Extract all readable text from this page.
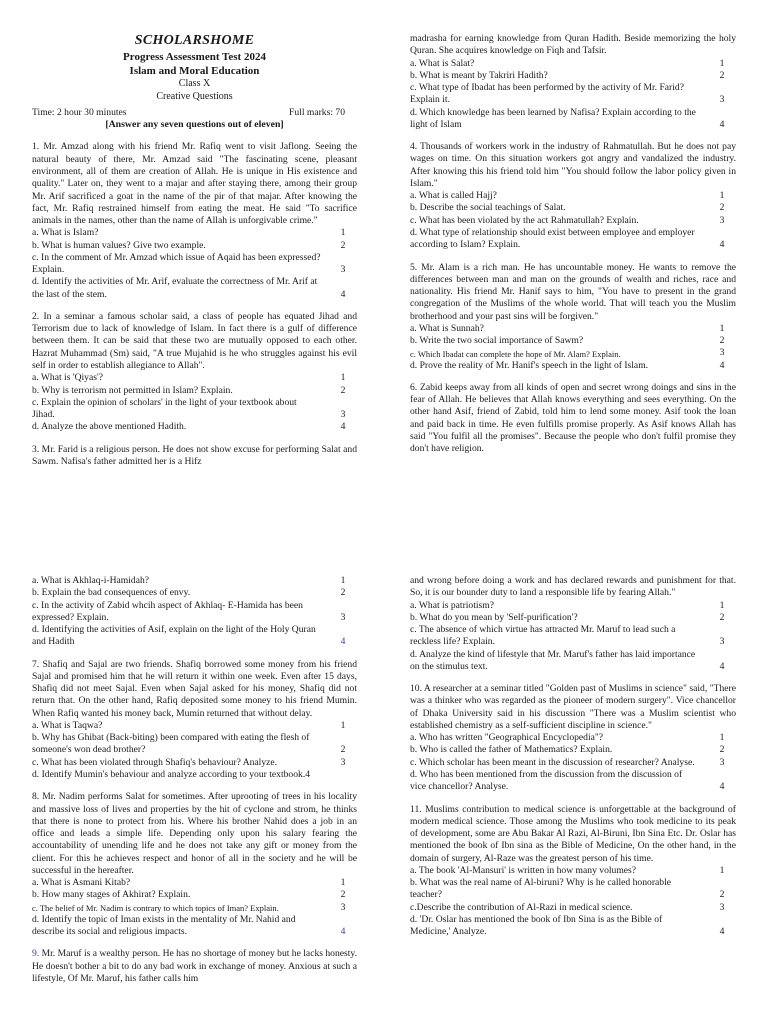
SCHOLARSHOME
Progress Assessment Test 2024
Islam and Moral Education
Class X
Creative Questions
Time: 2 hour 30 minutes	Full marks: 70
[Answer any seven questions out of eleven]
1. Mr. Amzad along with his friend Mr. Rafiq went to visit Jaflong. Seeing the natural beauty of there, Mr. Amzad said "The fascinating scene, pleasant environment, all of them are creation of Allah. He is unique in His existence and quality." Later on, they went to a majar and after staying there, among their group Mr. Arif sacrificed a goat in the name of the pir of that majar. After knowing the fact, Mr. Rafiq restrained himself from eating the meat. He said "To sacrifice animals in the names, other than the name of Allah is unforgivable crime."
a. What is Islam?	1
b. What is human values? Give two example.	2
c. In the comment of Mr. Amzad which issue of Aqaid has been expressed? Explain.	3
d. Identify the activities of Mr. Arif, evaluate the correctness of Mr. Arif at the last of the stem.	4
2. In a seminar a famous scholar said, a class of people has equated Jihad and Terrorism due to lack of knowledge of Islam. In fact there is a gulf of difference between them. It can be said that these two are mutually opposed to each other. Hazrat Muhammad (Sm) said, "A true Mujahid is he who struggles against his evil self in order to establish allegiance to Allah".
a. What is 'Qiyas'?	1
b. Why is terrorism not permitted in Islam? Explain.	2
c. Explain the opinion of scholars' in the light of your textbook about Jihad.	3
d. Analyze the above mentioned Hadith.	4
3. Mr. Farid is a religious person. He does not show excuse for performing Salat and Sawm. Nafisa's father admitted her is a Hifz
madrasha for earning knowledge from Quran Hadith. Beside memorizing the holy Quran. She acquires knowledge on Fiqh and Tafsir.
a. What is Salat?	1
b. What is meant by Takriri Hadith?	2
c. What type of Ibadat has been performed by the activity of Mr. Farid? Explain it.	3
d. Which knowledge has been learned by Nafisa? Explain according to the light of Islam	4
4. Thousands of workers work in the industry of Rahmatullah. But he does not pay wages on time. On this situation workers got angry and vandalized the industry. After knowing this his friend told him "You should follow the labor policy given in Islam."
a. What is called Hajj?	1
b. Describe the social teachings of Salat.	2
c. What has been violated by the act Rahmatullah? Explain.	3
d. What type of relationship should exist between employee and employer according to Islam? Explain.	4
5. Mr. Alam is a rich man. He has uncountable money. He wants to remove the differences between man and man on the grounds of wealth and riches, race and nationality. His friend Mr. Hanif says to him, "You have to present in the grand congregation of the Muslims of the whole world. That will teach you the Muslim brotherhood and your past sins will be forgiven."
a. What is Sunnah?	1
b. Write the two social importance of Sawm?	2
c. Which Ibadat can complete the hope of Mr. Alam? Explain.	3
d. Prove the reality of Mr. Hanif's speech in the light of Islam.	4
6. Zabid keeps away from all kinds of open and secret wrong doings and sins in the fear of Allah. He believes that Allah knows everything and sees everything. On the other hand Asif, friend of Zabid, told him to lend some money. Asif took the loan and paid back in time. He even fulfills promise properly. As Asif knows Allah has said "You fulfil all the promises". Because the people who don't fulfil promise they don't have religion.
a. What is Akhlaq-i-Hamidah?	1
b. Explain the bad consequences of envy.	2
c. In the activity of Zabid whcih aspect of Akhlaq- E-Hamida has been expressed? Explain.	3
d. Identifying the activities of Asif, explain on the light of the Holy Quran and Hadith	4
7. Shafiq and Sajal are two friends. Shafiq borrowed some money from his friend Sajal and promised him that he will return it within one week. Even after 15 days, Shafiq did not meet Sajal. Even when Sajal asked for his money, Shafiq did not return that. On the other hand, Rafiq deposited some money to his friend Mumin. When Rafiq wanted his money back, Mumin returned that without delay.
a. What is Taqwa?	1
b. Why has Ghibat (Back-biting) been compared with eating the flesh of someone's won dead brother?	2
c. What has been violated through Shafiq's behaviour? Analyze.	3
d. Identify Mumin's behaviour and analyze according to your textbook.4
8. Mr. Nadim performs Salat for sometimes. After uprooting of trees in his locality and massive loss of lives and properties by the hit of cyclone and strom, he thinks that there is none to protect from his. Where his brother Nahid does a job in an office and leads a simple life. Depending only upon his salary fearing the accountability of unending life and he does not take any gift or money from the client. For this he achieves respect and honor of all in the society and he will be successful in the hereafter.
a. What is Asmani Kitab?	1
b. How many stages of Akhirat? Explain.	2
c. The belief of Mr. Nadim is contrary to which topics of Iman? Explain.	3
d. Identify the topic of Iman exists in the mentality of Mr. Nahid and describe its social and religious impacts.	4
9. Mr. Maruf is a wealthy person. He has no shortage of money but he lacks honesty. He doesn't bother a bit to do any bad work in exchange of money. Anxious at such a lifestyle, Of Mr. Maruf, his father calls him
and wrong before doing a work and has declared rewards and punishment for that. So, it is our bounder duty to land a responsible life by fearing Allah."
a. What is patriotism?	1
b. What do you mean by 'Self-purification'?	2
c. The absence of which virtue has attracted Mr. Maruf to lead such a reckless life? Explain.	3
d. Analyze the kind of lifestyle that Mr. Maruf's father has laid importance on the stimulus text.	4
10. A researcher at a seminar titled "Golden past of Muslims in science" said, "There was a thinker who was regarded as the pioneer of modern surgery". Vice chancellor of Dhaka University said in his discussion "There was a Muslim scientist who established chemistry as a self-sufficient discipline in science."
a. Who has written "Geographical Encyclopedia"?	1
b. Who is called the father of Mathematics? Explain.	2
c. Which scholar has been meant in the discussion of researcher? Analyse.	3
d. Who has been mentioned from the discussion from the discussion of vice chancellor? Analyse.	4
11. Muslims contribution to medical science is unforgettable at the background of modern medical science. Those among the Muslims who took medicine to its peak of development, some are Abu Bakar Al Razi, Al-Biruni, Ibn Sina Etc. Dr. Oslar has mentioned the book of Ibn sina as the Bible of Medicine, On the other hand, in the domain of surgery, Al-Raze was the greatest person of his time.
a. The book 'Al-Mansuri' is written in how many volumes?	1
b. What was the real name of Al-biruni? Why is he called honorable teacher?	2
c.Describe the contribution of Al-Razi in medical science.	3
d. 'Dr. Oslar has mentioned the book of Ibn Sina is as the Bible of Medicine,' Analyze.	4
